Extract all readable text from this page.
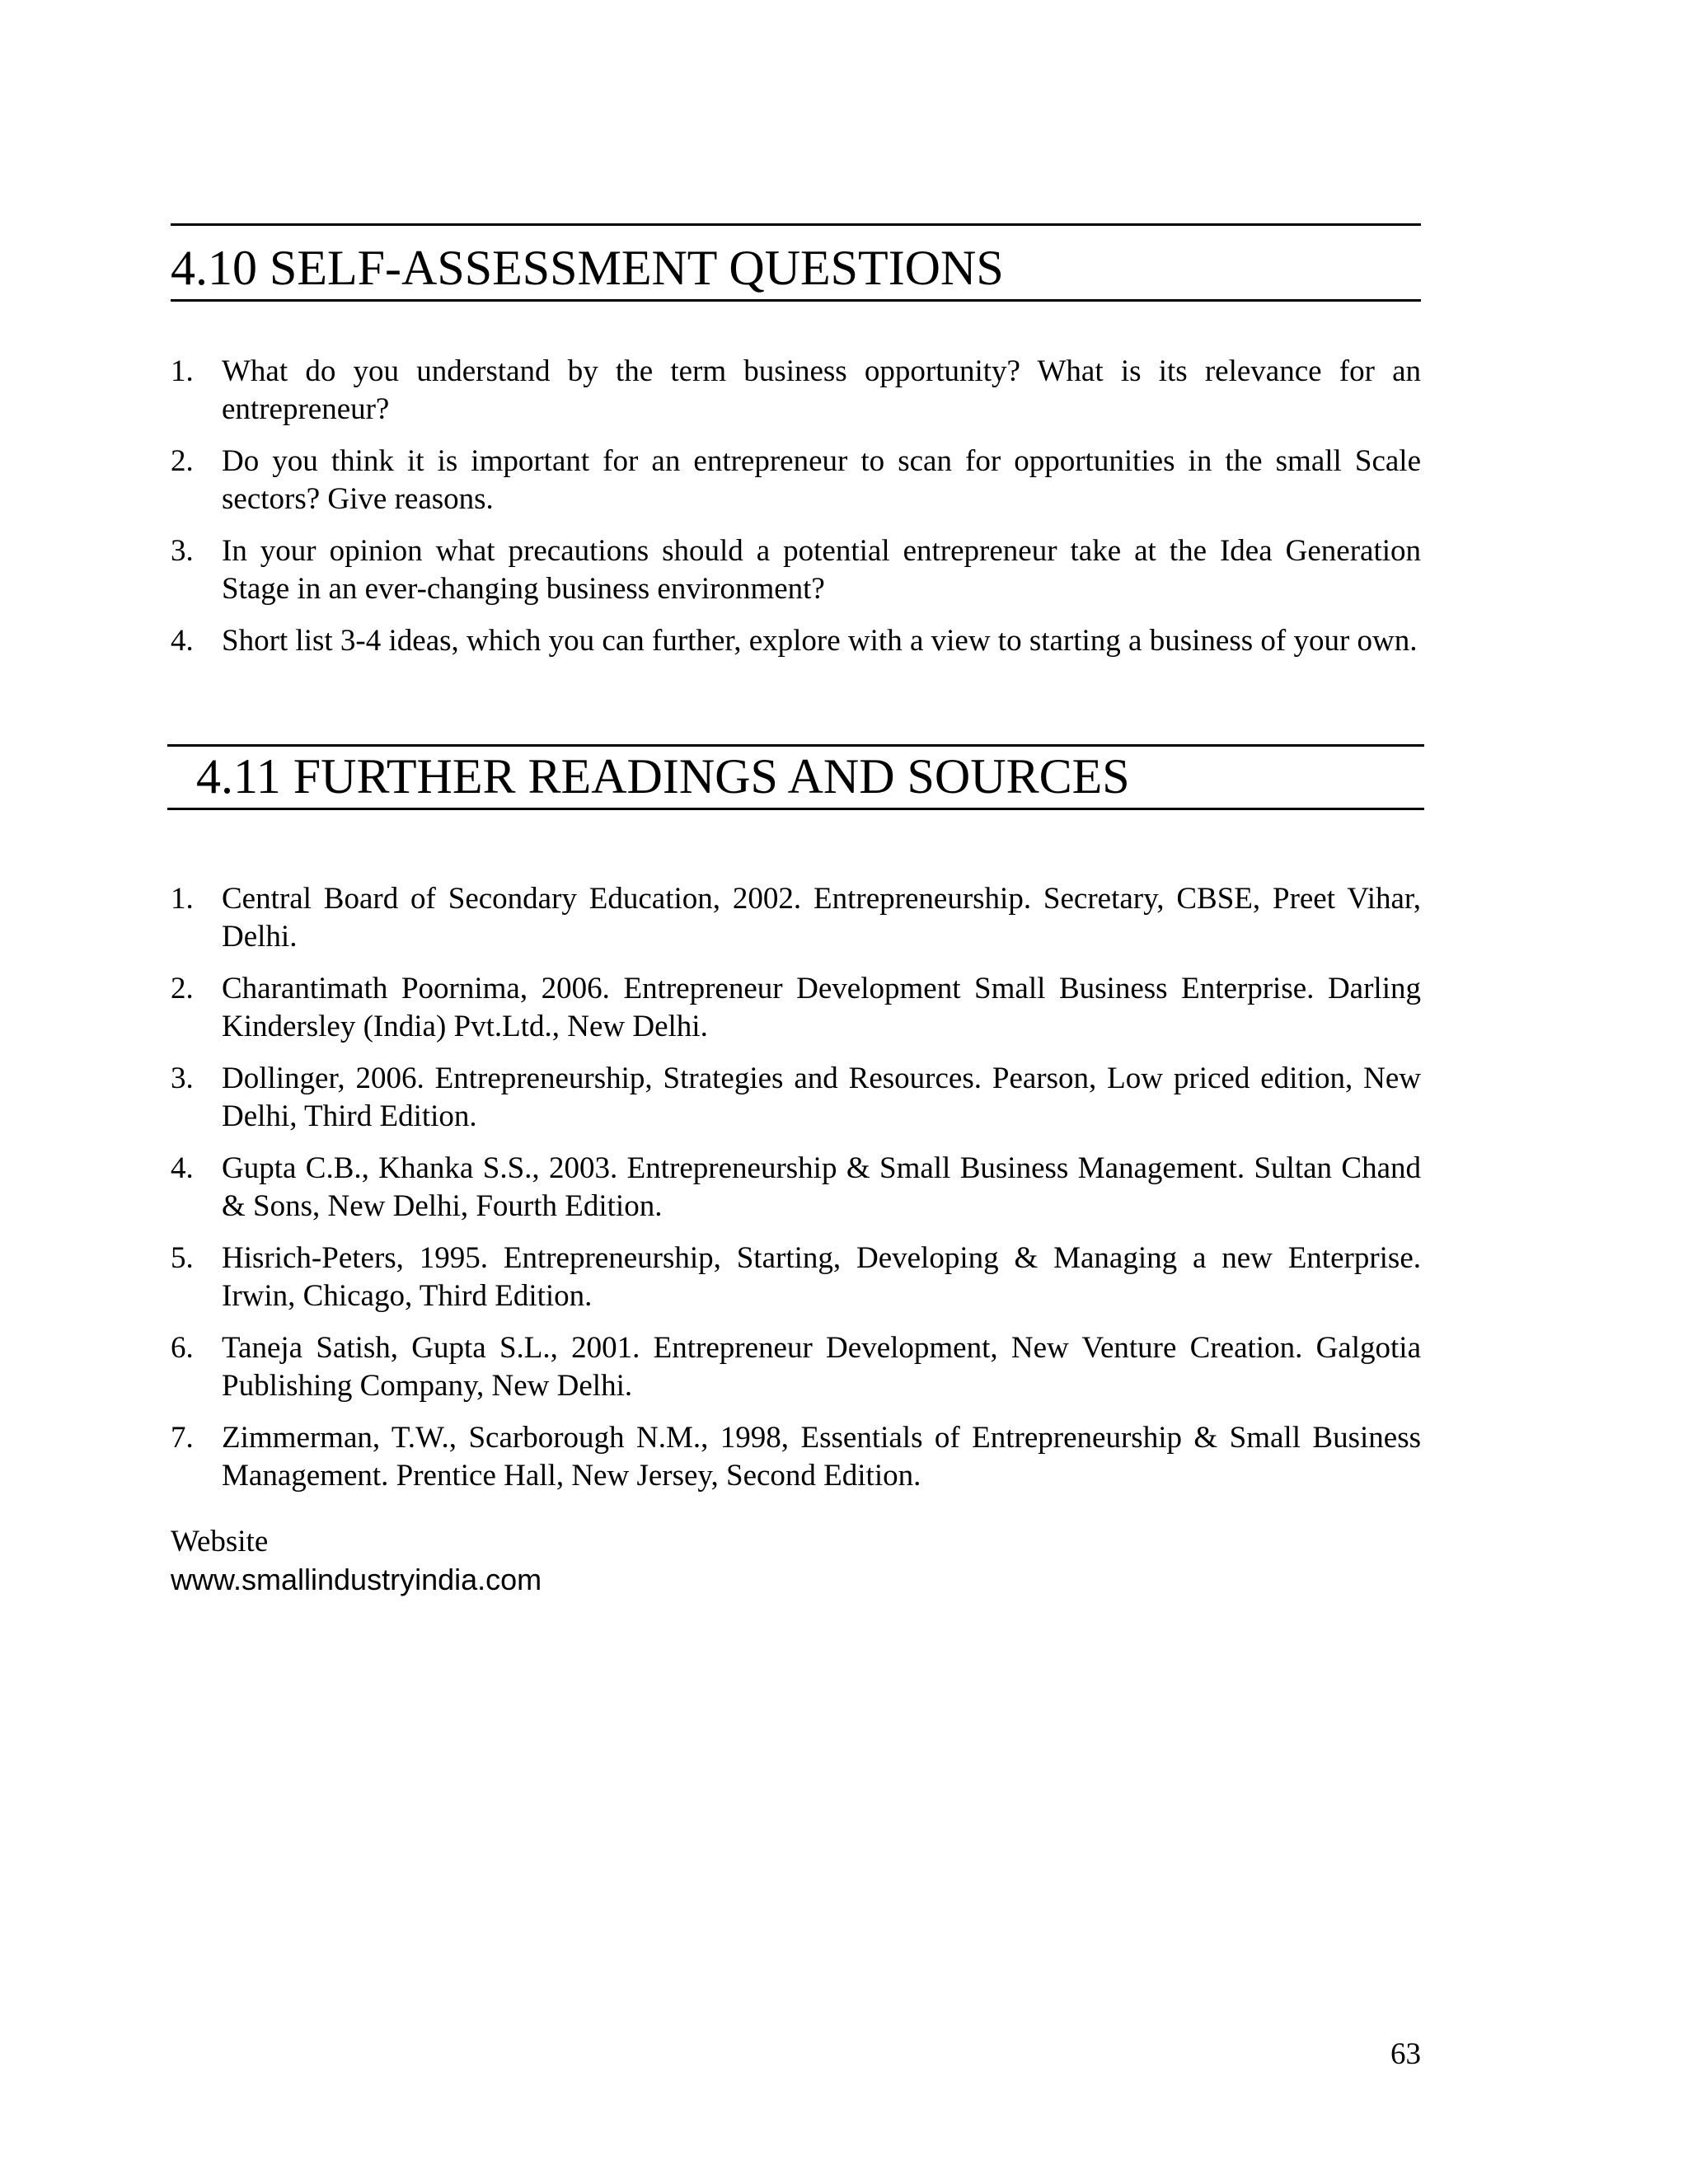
4.10 SELF-ASSESSMENT QUESTIONS
1. What do you understand by the term business opportunity? What is its relevance for an entrepreneur?
2. Do you think it is important for an entrepreneur to scan for opportunities in the small Scale sectors? Give reasons.
3. In your opinion what precautions should a potential entrepreneur take at the Idea Generation Stage in an ever-changing business environment?
4. Short list 3-4 ideas, which you can further, explore with a view to starting a business of your own.
4.11 FURTHER READINGS AND SOURCES
1. Central Board of Secondary Education, 2002. Entrepreneurship. Secretary, CBSE, Preet Vihar, Delhi.
2. Charantimath Poornima, 2006. Entrepreneur Development Small Business Enterprise. Darling Kindersley (India) Pvt.Ltd., New Delhi.
3. Dollinger, 2006. Entrepreneurship, Strategies and Resources. Pearson, Low priced edition, New Delhi, Third Edition.
4. Gupta C.B., Khanka S.S., 2003. Entrepreneurship & Small Business Management. Sultan Chand & Sons, New Delhi, Fourth Edition.
5. Hisrich-Peters, 1995. Entrepreneurship, Starting, Developing & Managing a new Enterprise. Irwin, Chicago, Third Edition.
6. Taneja Satish, Gupta S.L., 2001. Entrepreneur Development, New Venture Creation. Galgotia Publishing Company, New Delhi.
7. Zimmerman, T.W., Scarborough N.M., 1998, Essentials of Entrepreneurship & Small Business Management. Prentice Hall, New Jersey, Second Edition.
Website
www.smallindustryindia.com
63
